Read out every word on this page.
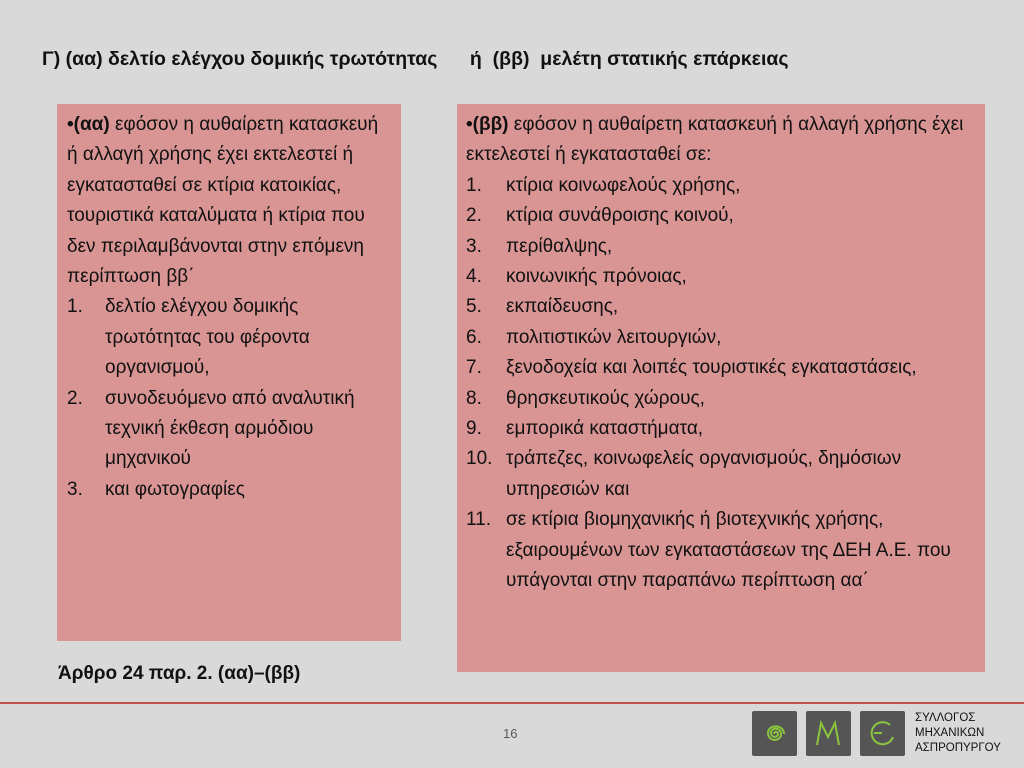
Γ) (αα) δελτίο ελέγχου δομικής τρωτότητας      ή  (ββ)  μελέτη στατικής επάρκειας

•(αα) εφόσον η αυθαίρετη κατασκευή ή αλλαγή χρήσης έχει εκτελεστεί ή εγκατασταθεί σε κτίρια κατοικίας, τουριστικά καταλύματα ή κτίρια που δεν περιλαμβάνονται στην επόμενη περίπτωση ββ΄

1.	δελτίο ελέγχου δομικής τρωτότητας του φέροντα οργανισμού,
2.	συνοδευόμενο από αναλυτική τεχνική έκθεση αρμόδιου μηχανικού
3.	και φωτογραφίες

•(ββ) εφόσον η αυθαίρετη κατασκευή ή αλλαγή χρήσης έχει εκτελεστεί ή εγκατασταθεί σε:

1.	κτίρια κοινωφελούς χρήσης,
2.	κτίρια συνάθροισης κοινού,
3.	περίθαλψης,
4.	κοινωνικής πρόνοιας,
5.	εκπαίδευσης,
6.	πολιτιστικών λειτουργιών,
7.	ξενοδοχεία και λοιπές τουριστικές εγκαταστάσεις,
8.	θρησκευτικούς χώρους,
9.	εμπορικά καταστήματα,
10. τράπεζες, κοινωφελείς οργανισμούς, δημόσιων υπηρεσιών και
11. σε κτίρια βιομηχανικής ή βιοτεχνικής χρήσης, εξαιρουμένων των εγκαταστάσεων της ΔΕΗ Α.Ε. που υπάγονται στην παραπάνω περίπτωση αα΄
Άρθρο 24 παρ. 2. (αα)–(ββ)
16
ΣΥΛΛΟΓΟΣ
ΜΗΧΑΝΙΚΩΝ
ΑΣΠΡΟΠΥΡΓΟΥ
